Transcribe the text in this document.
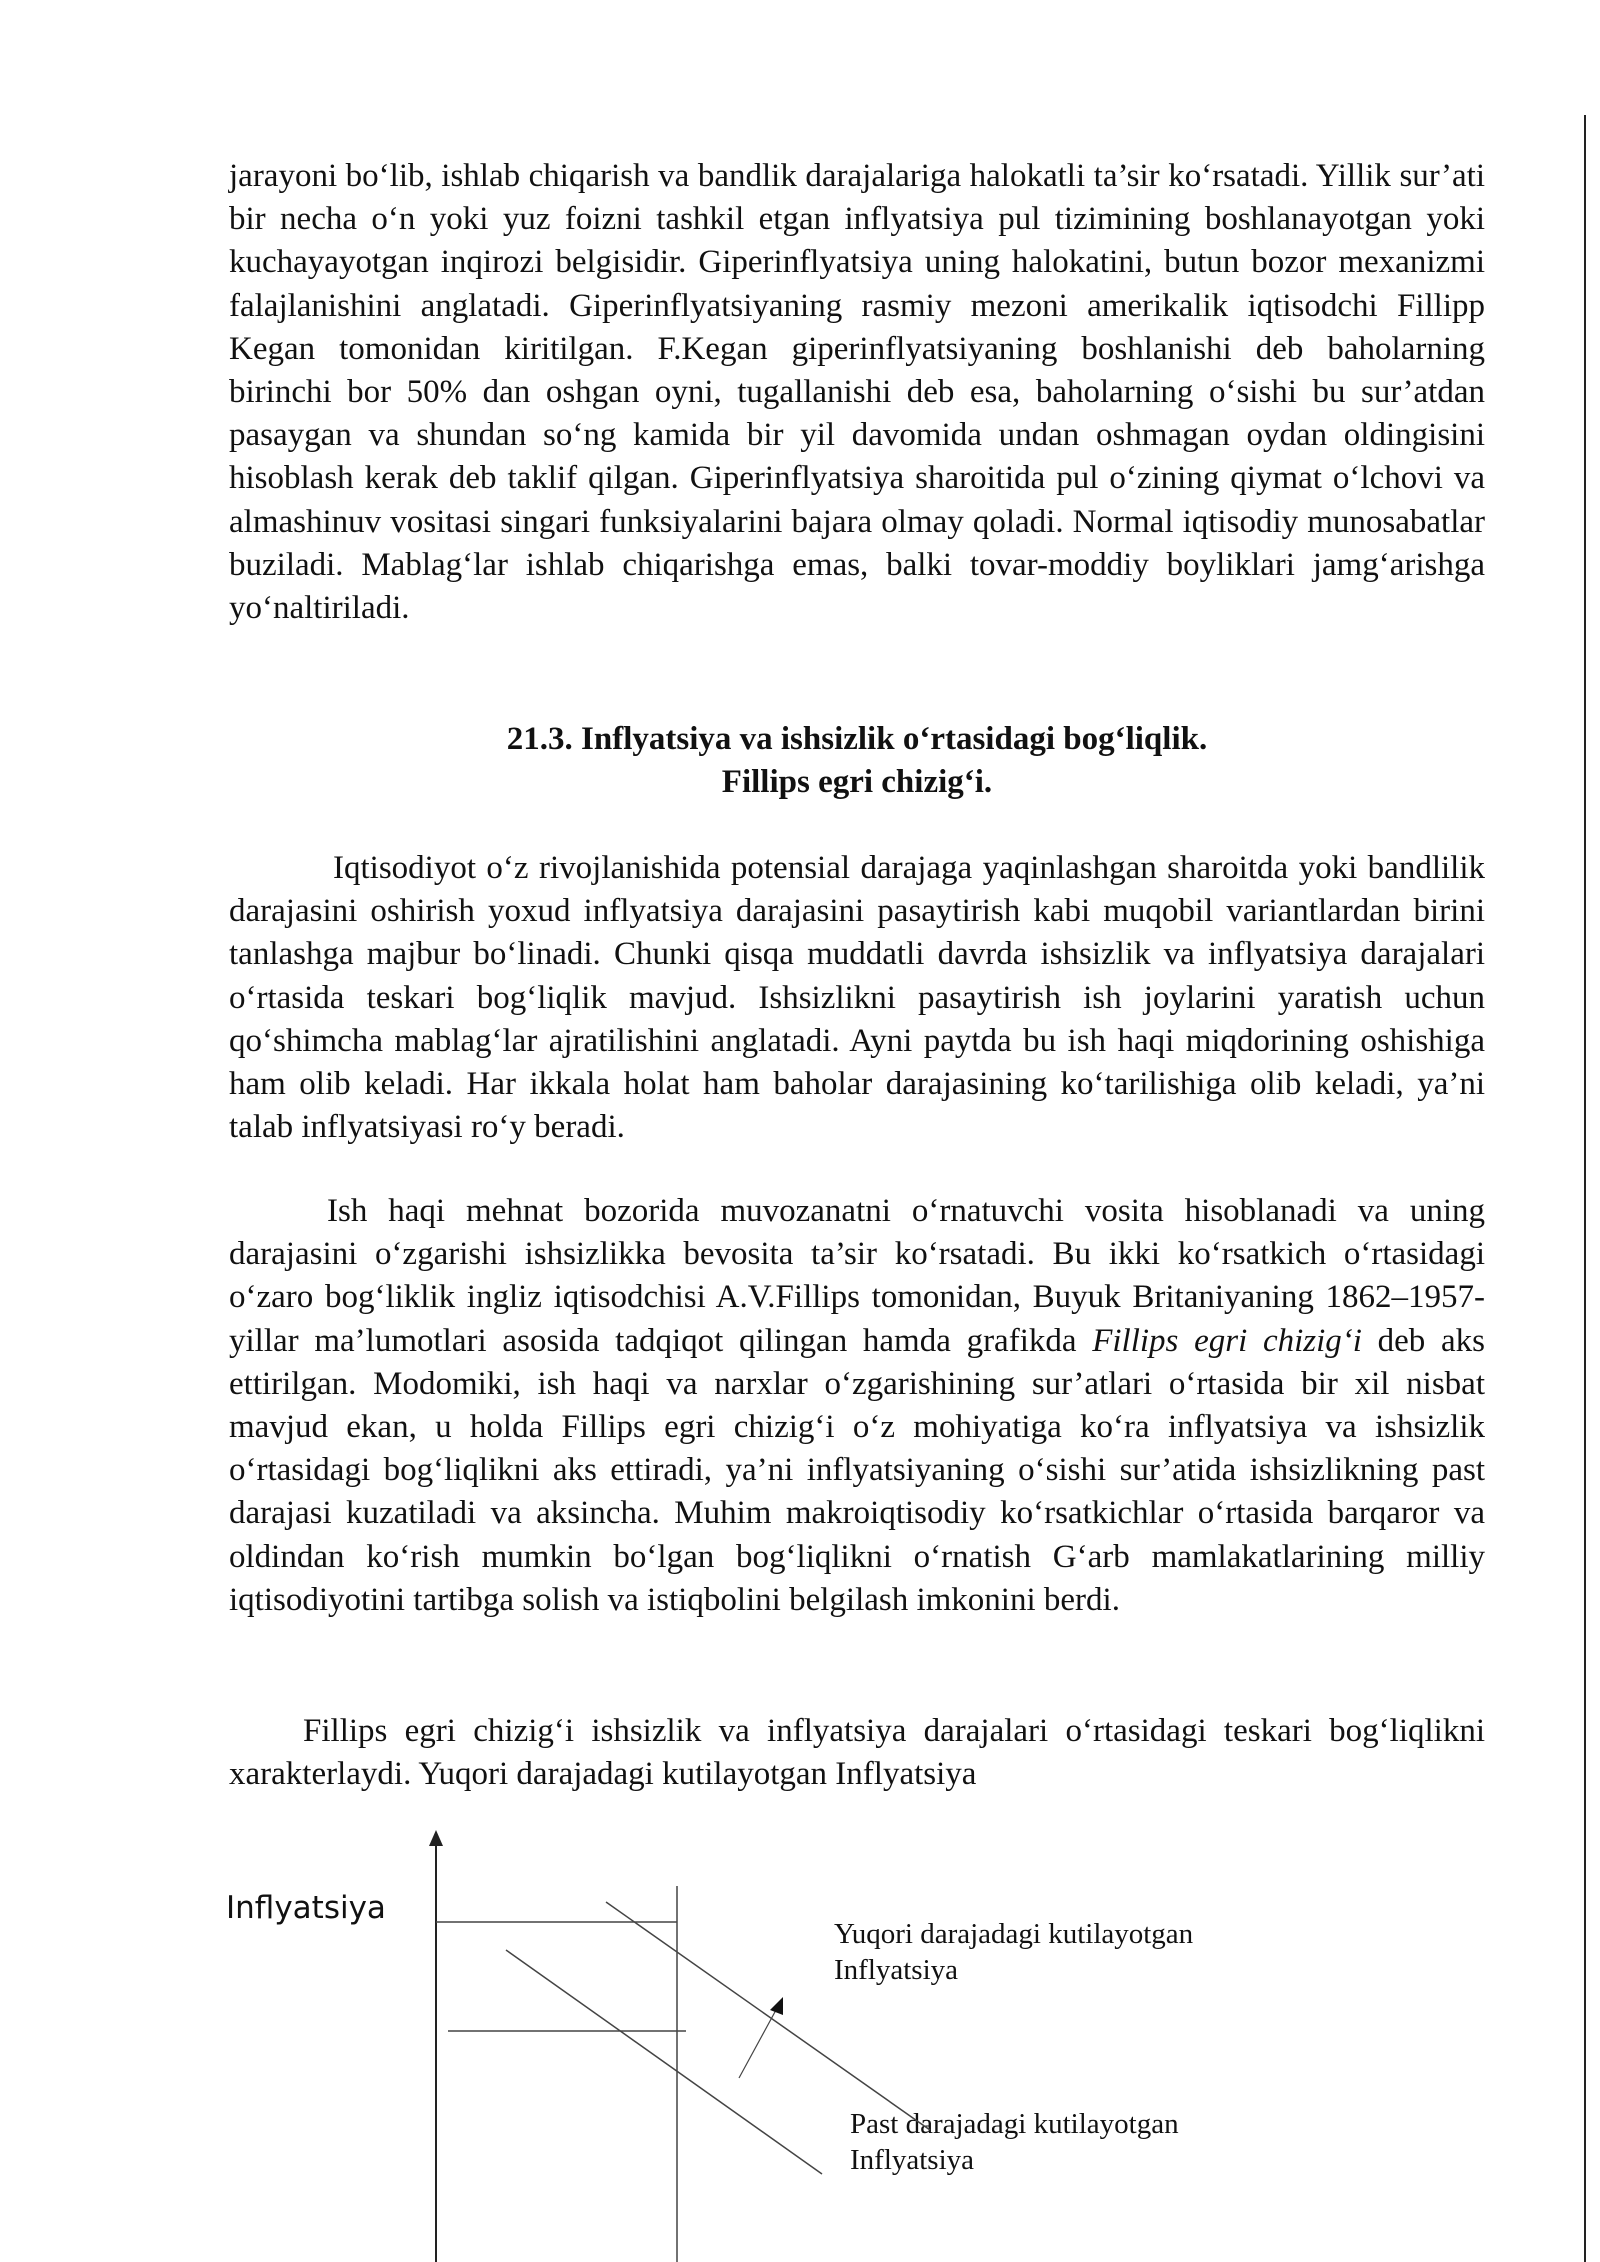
jarayoni bo‘lib, ishlab chiqarish va bandlik darajalariga halokatli ta’sir ko‘rsatadi. Yillik sur’ati bir necha o‘n yoki yuz foizni tashkil etgan inflyatsiya pul tizimining boshlanayotgan yoki kuchayayotgan inqirozi belgisidir. Giperinflyatsiya uning halokatini, butun bozor mexanizmi falajlanishini anglatadi. Giperinflyatsiyaning rasmiy mezoni amerikalik iqtisodchi Fillipp Kegan tomonidan kiritilgan. F.Kegan giperinflyatsiyaning boshlanishi deb baholarning birinchi bor 50% dan oshgan oyni, tugallanishi deb esa, baholarning o‘sishi bu sur’atdan pasaygan va shundan so‘ng kamida bir yil davomida undan oshmagan oydan oldingisini hisoblash kerak deb taklif qilgan. Giperinflyatsiya sharoitida pul o‘zining qiymat o‘lchovi va almashinuv vositasi singari funksiyalarini bajara olmay qoladi. Normal iqtisodiy munosabatlar buziladi. Mablag‘lar ishlab chiqarishga emas, balki tovar-moddiy boyliklari jamg‘arishga yo‘naltiriladi.

21.3. Inflyatsiya va ishsizlik o‘rtasidagi bog‘liqlik.
Fillips egri chizig‘i.

Iqtisodiyot o‘z rivojlanishida potensial darajaga yaqinlashgan sharoitda yoki bandlilik darajasini oshirish yoxud inflyatsiya darajasini pasaytirish kabi muqobil variantlardan birini tanlashga majbur bo‘linadi. Chunki qisqa muddatli davrda ishsizlik va inflyatsiya darajalari o‘rtasida teskari bog‘liqlik mavjud. Ishsizlikni pasaytirish ish joylarini yaratish uchun qo‘shimcha mablag‘lar ajratilishini anglatadi. Ayni paytda bu ish haqi miqdorining oshishiga ham olib keladi. Har ikkala holat ham baholar darajasining ko‘tarilishiga olib keladi, ya’ni talab inflyatsiyasi ro‘y beradi.

Ish haqi mehnat bozorida muvozanatni o‘rnatuvchi vosita hisoblanadi va uning darajasini o‘zgarishi ishsizlikka bevosita ta’sir ko‘rsatadi. Bu ikki ko‘rsatkich o‘rtasidagi o‘zaro bog‘liklik ingliz iqtisodchisi A.V.Fillips tomonidan, Buyuk Britaniyaning 1862–1957- yillar ma’lumotlari asosida tadqiqot qilingan hamda grafikda Fillips egri chizig‘i deb aks ettirilgan. Modomiki, ish haqi va narxlar o‘zgarishining sur’atlari o‘rtasida bir xil nisbat mavjud ekan, u holda Fillips egri chizig‘i o‘z mohiyatiga ko‘ra inflyatsiya va ishsizlik o‘rtasidagi bog‘liqlikni aks ettiradi, ya’ni inflyatsiyaning o‘sishi sur’atida ishsizlikning past darajasi kuzatiladi va aksincha. Muhim makroiqtisodiy ko‘rsatkichlar o‘rtasida barqaror va oldindan ko‘rish mumkin bo‘lgan bog‘liqlikni o‘rnatish G‘arb mamlakatlarining milliy iqtisodiyotini tartibga solish va istiqbolini belgilash imkonini berdi.

Fillips egri chizig‘i ishsizlik va inflyatsiya darajalari o‘rtasidagi teskari bog‘liqlikni xarakterlaydi. Yuqori darajadagi kutilayotgan Inflyatsiya

Inflyatsiya
Yuqori darajadagi kutilayotgan
Inflyatsiya
Past darajadagi kutilayotgan
Inflyatsiya
